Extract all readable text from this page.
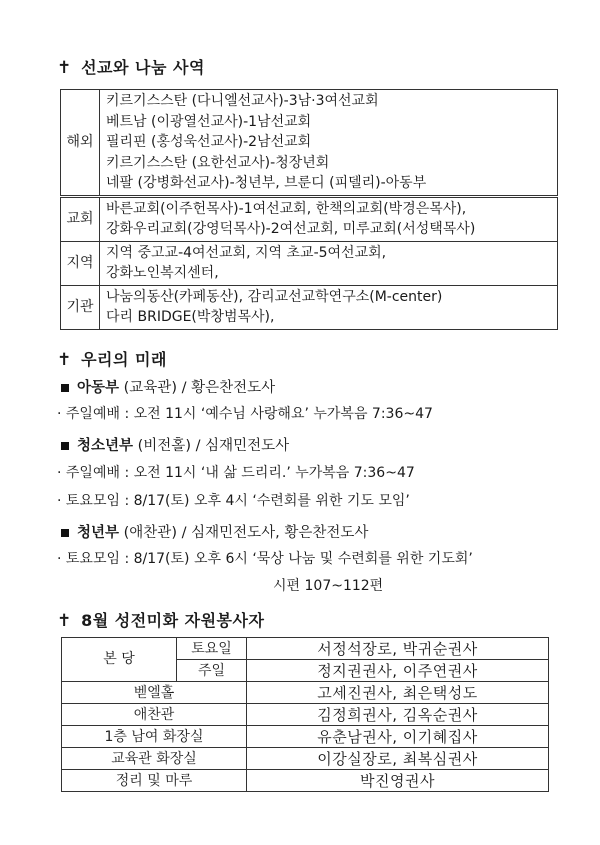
✝ 선교와 나눔 사역
해외	키르기스스탄 (다니엘선교사)-3남·3여선교회
베트남 (이광열선교사)-1남선교회
필리핀 (홍성욱선교사)-2남선교회
키르기스스탄 (요한선교사)-청장년회
네팔 (강병화선교사)-청년부, 브룬디 (피델리)-아동부

교회	바른교회(이주헌목사)-1여선교회, 한책의교회(박경은목사),
강화우리교회(강영덕목사)-2여선교회, 미루교회(서성택목사)

지역	지역 중고교-4여선교회, 지역 초교-5여선교회,
강화노인복지센터,

기관	나눔의동산(카페동산), 감리교선교학연구소(M-center)
다리 BRIDGE(박창범목사),
✝ 우리의 미래
아동부 (교육관) / 황은찬전도사
· 주일예배 : 오전 11시 ‘예수님 사랑해요’ 누가복음 7:36~47
청소년부 (비전홀) / 심재민전도사
· 주일예배 : 오전 11시 ‘내 삶 드리리.’ 누가복음 7:36~47
· 토요모임 : 8/17(토) 오후 4시 ‘수련회를 위한 기도 모임’
청년부 (애찬관) / 심재민전도사, 황은찬전도사
· 토요모임 : 8/17(토) 오후 6시 ‘묵상 나눔 및 수련회를 위한 기도회’
시편 107~112편
✝ 8월 성전미화 자원봉사자
본 당	토요일	서정석장로, 박귀순권사
	주일	정지권권사, 이주연권사
벧엘홀		고세진권사, 최은택성도
애찬관		김정희권사, 김옥순권사
1층 남여 화장실		유춘남권사, 이기혜집사
교육관 화장실		이강실장로, 최복심권사
정리 및 마루		박진영권사
